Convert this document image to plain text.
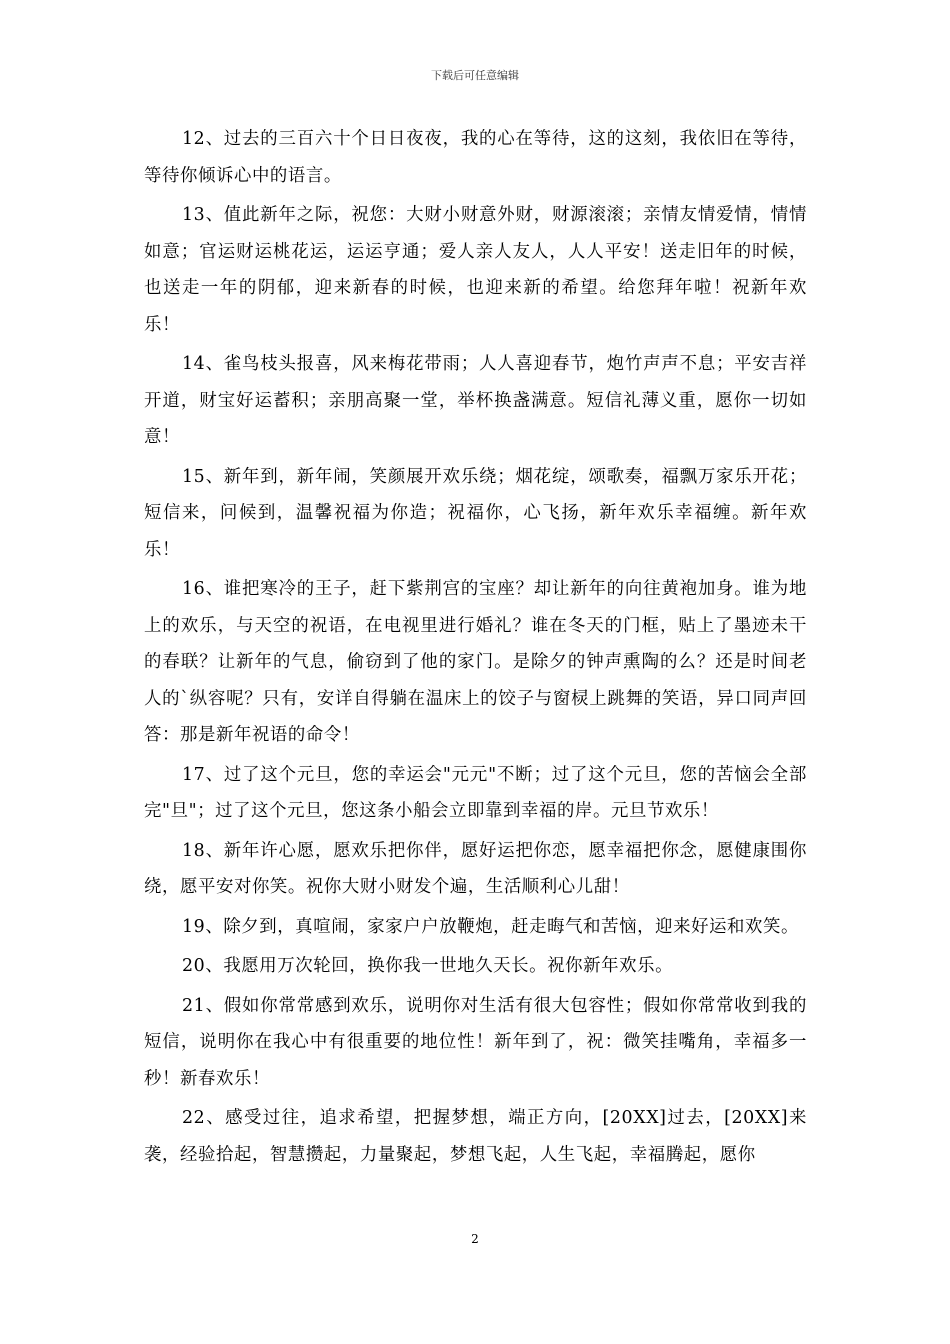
下载后可任意编辑

12、过去的三百六十个日日夜夜，我的心在等待，这的这刻，我依旧在等待，等待你倾诉心中的语言。

13、值此新年之际，祝您：大财小财意外财，财源滚滚；亲情友情爱情，情情如意；官运财运桃花运，运运亨通；爱人亲人友人，人人平安！送走旧年的时候，也送走一年的阴郁，迎来新春的时候，也迎来新的希望。给您拜年啦！祝新年欢乐！

14、雀鸟枝头报喜，风来梅花带雨；人人喜迎春节，炮竹声声不息；平安吉祥开道，财宝好运蓄积；亲朋高聚一堂，举杯换盏满意。短信礼薄义重，愿你一切如意！

15、新年到，新年闹，笑颜展开欢乐绕；烟花绽，颂歌奏，福飘万家乐开花；短信来，问候到，温馨祝福为你造；祝福你，心飞扬，新年欢乐幸福缠。新年欢乐！

16、谁把寒冷的王子，赶下紫荆宫的宝座？却让新年的向往黄袍加身。谁为地上的欢乐，与天空的祝语，在电视里进行婚礼？谁在冬天的门框，贴上了墨迹未干的春联？让新年的气息，偷窃到了他的家门。是除夕的钟声熏陶的么？还是时间老人的`纵容呢？只有，安详自得躺在温床上的饺子与窗棂上跳舞的笑语，异口同声回答：那是新年祝语的命令！

17、过了这个元旦，您的幸运会"元元"不断；过了这个元旦，您的苦恼会全部完"旦"；过了这个元旦，您这条小船会立即靠到幸福的岸。元旦节欢乐！

18、新年许心愿，愿欢乐把你伴，愿好运把你恋，愿幸福把你念，愿健康围你绕，愿平安对你笑。祝你大财小财发个遍，生活顺利心儿甜！

19、除夕到，真喧闹，家家户户放鞭炮，赶走晦气和苦恼，迎来好运和欢笑。

20、我愿用万次轮回，换你我一世地久天长。祝你新年欢乐。

21、假如你常常感到欢乐，说明你对生活有很大包容性；假如你常常收到我的短信，说明你在我心中有很重要的地位性！新年到了，祝：微笑挂嘴角，幸福多一秒！新春欢乐！

22、感受过往，追求希望，把握梦想，端正方向，[20XX]过去，[20XX]来袭，经验拾起，智慧攒起，力量聚起，梦想飞起，人生飞起，幸福腾起，愿你

2
